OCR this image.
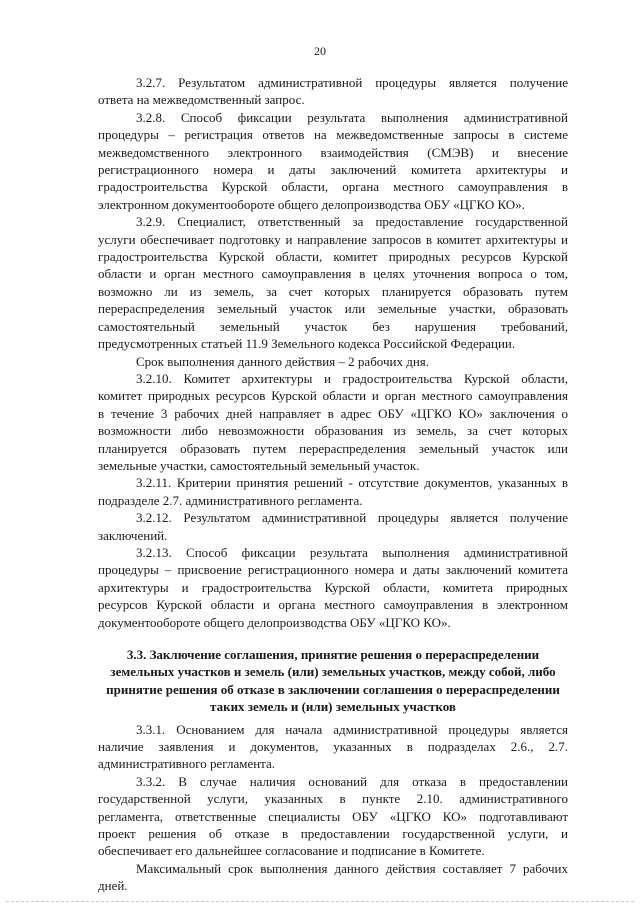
20

3.2.7. Результатом административной процедуры является получение
ответа на межведомственный запрос.

3.2.8. Способ фиксации результата выполнения административной
процедуры – регистрация ответов на межведомственные запросы в системе
межведомственного электронного взаимодействия (СМЭВ) и внесение
регистрационного номера и даты заключений комитета архитектуры и
градостроительства Курской области, органа местного самоуправления в
электронном документообороте общего делопроизводства ОБУ «ЦГКО КО».

3.2.9. Специалист, ответственный за предоставление государственной
услуги обеспечивает подготовку и направление запросов в комитет архитектуры и
градостроительства Курской области, комитет природных ресурсов Курской
области и орган местного самоуправления в целях уточнения вопроса о том,
возможно ли из земель, за счет которых планируется образовать путем
перераспределения земельный участок или земельные участки, образовать
самостоятельный земельный участок без нарушения требований,
предусмотренных статьей 11.9 Земельного кодекса Российской Федерации.

Срок выполнения данного действия – 2 рабочих дня.

3.2.10. Комитет архитектуры и градостроительства Курской области,
комитет природных ресурсов Курской области и орган местного самоуправления
в течение 3 рабочих дней направляет в адрес ОБУ «ЦГКО КО» заключения о
возможности либо невозможности образования из земель, за счет которых
планируется образовать путем перераспределения земельный участок или
земельные участки, самостоятельный земельный участок.

3.2.11. Критерии принятия решений - отсутствие документов, указанных в
подразделе 2.7. административного регламента.

3.2.12. Результатом административной процедуры является получение
заключений.

3.2.13. Способ фиксации результата выполнения административной
процедуры – присвоение регистрационного номера и даты заключений комитета
архитектуры и градостроительства Курской области, комитета природных
ресурсов Курской области и органа местного самоуправления в электронном
документообороте общего делопроизводства ОБУ «ЦГКО КО».

3.3. Заключение соглашения, принятие решения о перераспределении
земельных участков и земель (или) земельных участков, между собой, либо
принятие решения об отказе в заключении соглашения о перераспределении
таких земель и (или) земельных участков

3.3.1. Основанием для начала административной процедуры является
наличие заявления и документов, указанных в подразделах 2.6., 2.7.
административного регламента.

3.3.2. В случае наличия оснований для отказа в предоставлении
государственной услуги, указанных в пункте 2.10. административного
регламента, ответственные специалисты ОБУ «ЦГКО КО» подготавливают
проект решения об отказе в предоставлении государственной услуги, и
обеспечивает его дальнейшее согласование и подписание в Комитете.

Максимальный срок выполнения данного действия составляет 7 рабочих
дней.
